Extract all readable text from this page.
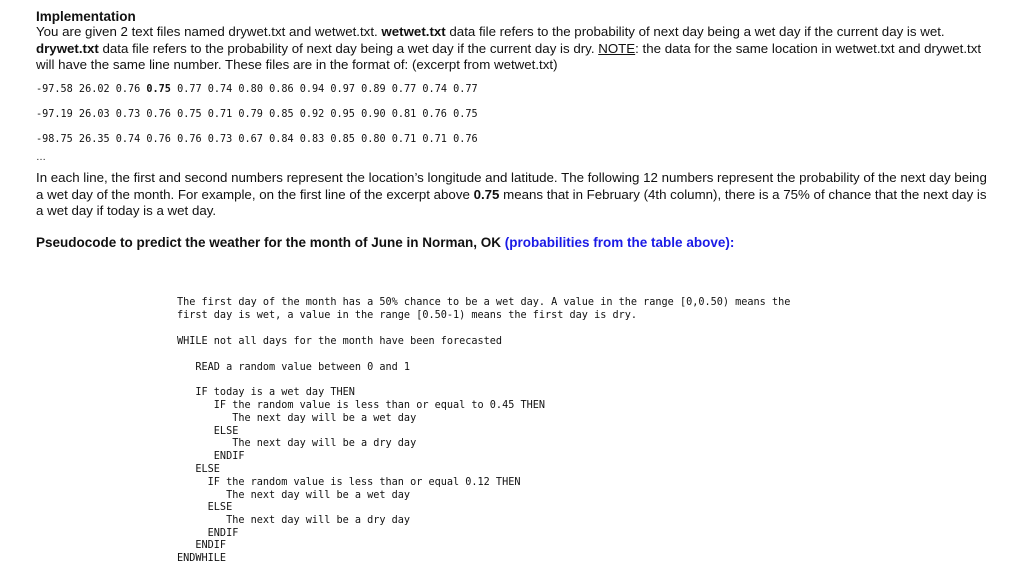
Implementation
You are given 2 text files named drywet.txt and wetwet.txt. wetwet.txt data file refers to the probability of next day being a wet day if the current day is wet. drywet.txt data file refers to the probability of next day being a wet day if the current day is dry. NOTE: the data for the same location in wetwet.txt and drywet.txt will have the same line number. These files are in the format of: (excerpt from wetwet.txt)
-97.58 26.02 0.76 0.75 0.77 0.74 0.80 0.86 0.94 0.97 0.89 0.77 0.74 0.77
-97.19 26.03 0.73 0.76 0.75 0.71 0.79 0.85 0.92 0.95 0.90 0.81 0.76 0.75
-98.75 26.35 0.74 0.76 0.76 0.73 0.67 0.84 0.83 0.85 0.80 0.71 0.71 0.76
…
In each line, the first and second numbers represent the location’s longitude and latitude. The following 12 numbers represent the probability of the next day being a wet day of the month. For example, on the first line of the excerpt above 0.75 means that in February (4th column), there is a 75% of chance that the next day is a wet day if today is a wet day.
Pseudocode to predict the weather for the month of June in Norman, OK (probabilities from the table above):
The first day of the month has a 50% chance to be a wet day. A value in the range [0,0.50) means the
first day is wet, a value in the range [0.50-1) means the first day is dry.
WHILE not all days for the month have been forecasted
READ a random value between 0 and 1
IF today is a wet day THEN
IF the random value is less than or equal to 0.45 THEN
The next day will be a wet day
ELSE
The next day will be a dry day
ENDIF
ELSE
IF the random value is less than or equal 0.12 THEN
The next day will be a wet day
ELSE
The next day will be a dry day
ENDIF
ENDIF
ENDWHILE
